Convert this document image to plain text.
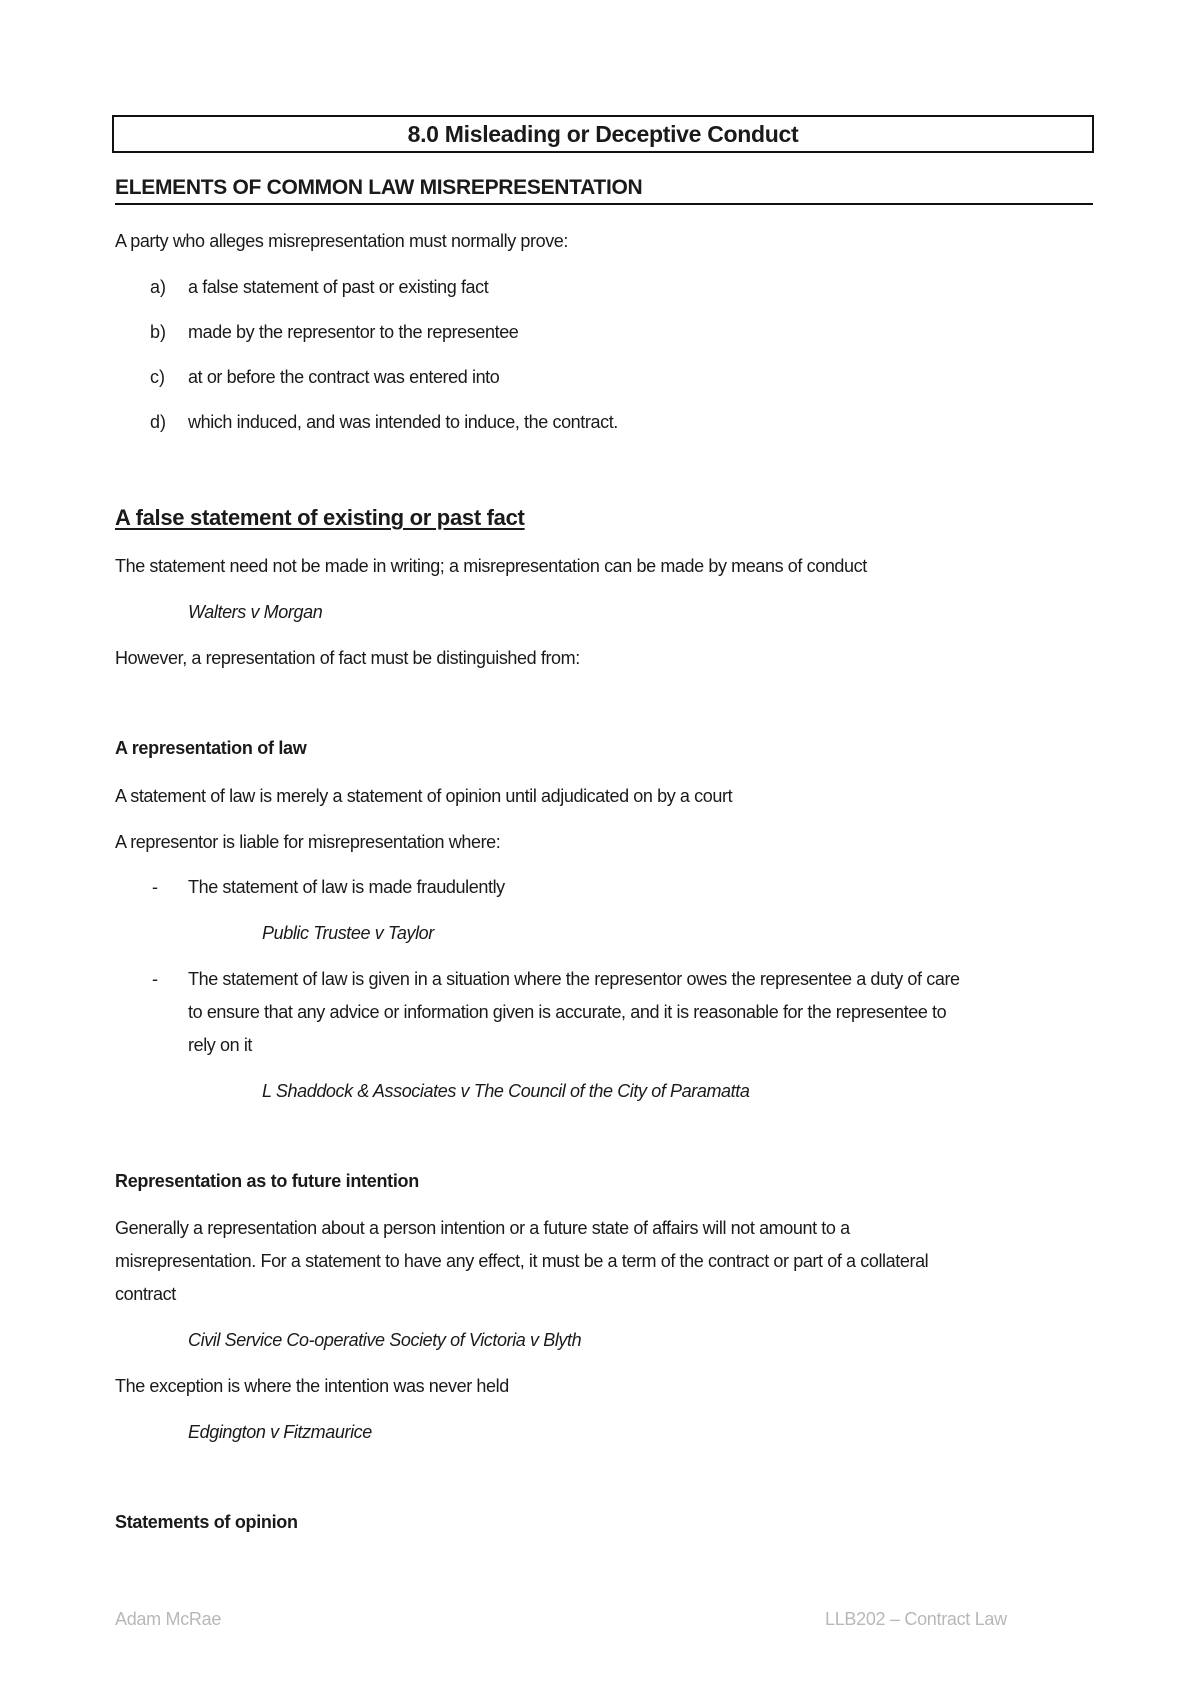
8.0 Misleading or Deceptive Conduct
ELEMENTS OF COMMON LAW MISREPRESENTATION
A party who alleges misrepresentation must normally prove:
a) a false statement of past or existing fact
b) made by the representor to the representee
c) at or before the contract was entered into
d) which induced, and was intended to induce, the contract.
A false statement of existing or past fact
The statement need not be made in writing; a misrepresentation can be made by means of conduct
Walters v Morgan
However, a representation of fact must be distinguished from:
A representation of law
A statement of law is merely a statement of opinion until adjudicated on by a court
A representor is liable for misrepresentation where:
- The statement of law is made fraudulently
Public Trustee v Taylor
- The statement of law is given in a situation where the representor owes the representee a duty of care
to ensure that any advice or information given is accurate, and it is reasonable for the representee to
rely on it
L Shaddock & Associates v The Council of the City of Paramatta
Representation as to future intention
Generally a representation about a person intention or a future state of affairs will not amount to a
misrepresentation. For a statement to have any effect, it must be a term of the contract or part of a collateral
contract
Civil Service Co-operative Society of Victoria v Blyth
The exception is where the intention was never held
Edgington v Fitzmaurice
Statements of opinion
Adam McRae	LLB202 – Contract Law
